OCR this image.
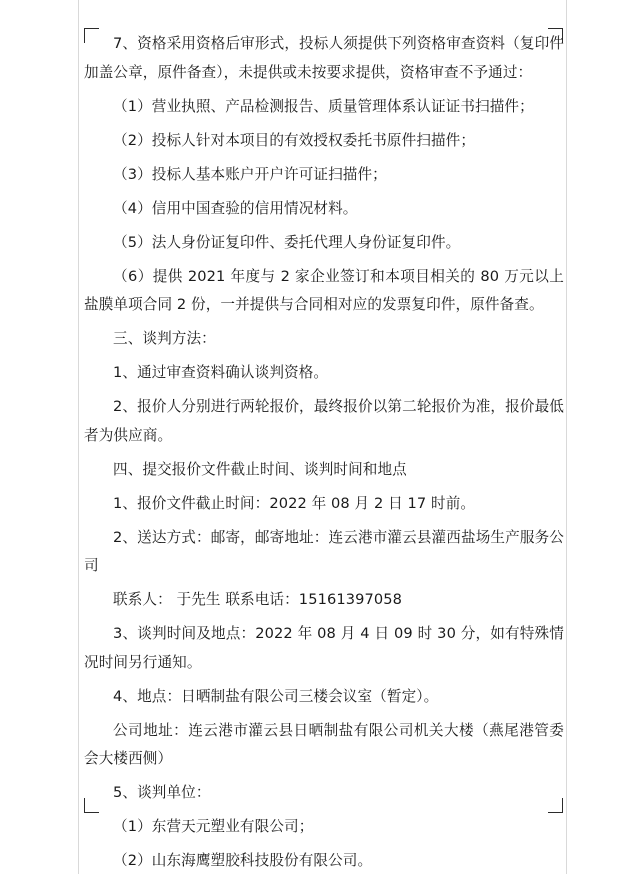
7、资格采用资格后审形式，投标人须提供下列资格审查资料（复印件加盖公章，原件备查），未提供或未按要求提供，资格审查不予通过：

（1）营业执照、产品检测报告、质量管理体系认证证书扫描件；

（2）投标人针对本项目的有效授权委托书原件扫描件；

（3）投标人基本账户开户许可证扫描件；

（4）信用中国查验的信用情况材料。

（5）法人身份证复印件、委托代理人身份证复印件。

（6）提供 2021 年度与 2 家企业签订和本项目相关的 80 万元以上盐膜单项合同 2 份，一并提供与合同相对应的发票复印件，原件备查。

三、谈判方法：

1、通过审查资料确认谈判资格。

2、报价人分别进行两轮报价，最终报价以第二轮报价为准，报价最低者为供应商。

四、提交报价文件截止时间、谈判时间和地点

1、报价文件截止时间：2022 年 08 月 2 日 17 时前。

2、送达方式：邮寄，邮寄地址：连云港市灌云县灌西盐场生产服务公司

联系人： 于先生 联系电话：15161397058

3、谈判时间及地点：2022 年 08 月 4 日 09 时 30 分，如有特殊情况时间另行通知。

4、地点：日晒制盐有限公司三楼会议室（暂定）。

公司地址：连云港市灌云县日晒制盐有限公司机关大楼（燕尾港管委会大楼西侧）

5、谈判单位：

（1）东营天元塑业有限公司；

（2）山东海鹰塑胶科技股份有限公司。
